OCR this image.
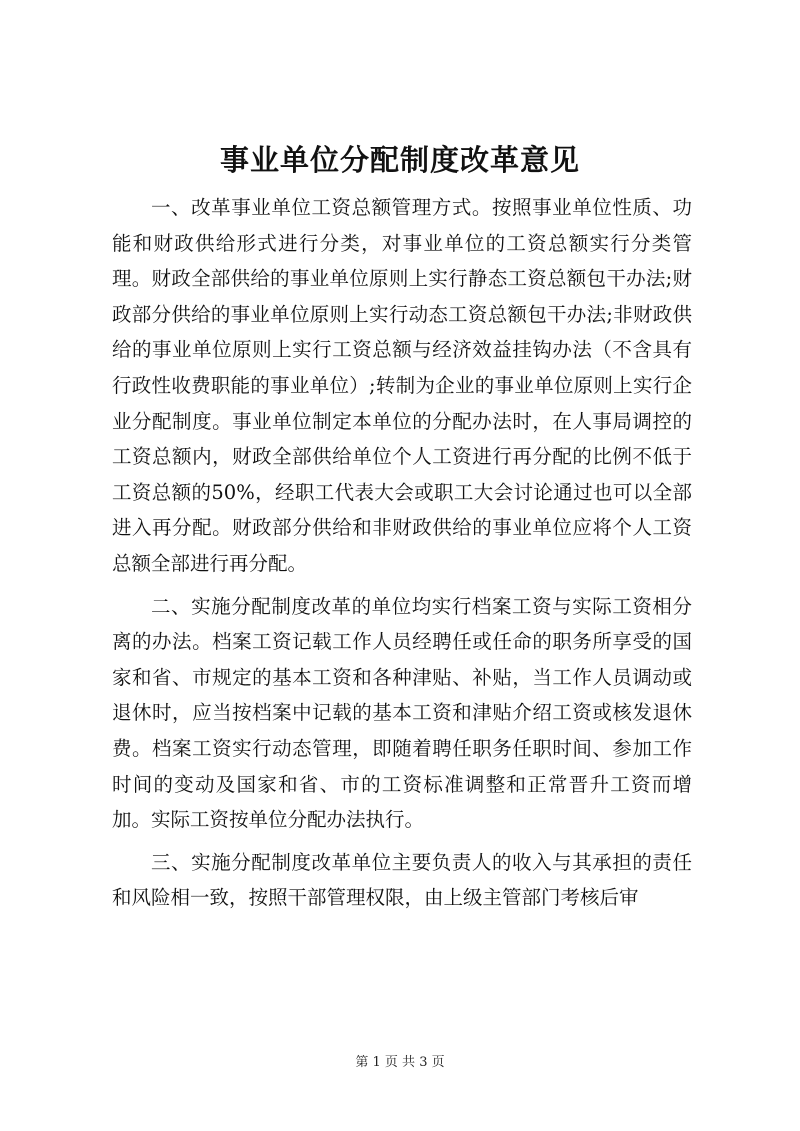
事业单位分配制度改革意见

一、改革事业单位工资总额管理方式。按照事业单位性质、功能和财政供给形式进行分类，对事业单位的工资总额实行分类管理。财政全部供给的事业单位原则上实行静态工资总额包干办法;财政部分供给的事业单位原则上实行动态工资总额包干办法;非财政供给的事业单位原则上实行工资总额与经济效益挂钩办法（不含具有行政性收费职能的事业单位）;转制为企业的事业单位原则上实行企业分配制度。事业单位制定本单位的分配办法时，在人事局调控的工资总额内，财政全部供给单位个人工资进行再分配的比例不低于工资总额的50%，经职工代表大会或职工大会讨论通过也可以全部进入再分配。财政部分供给和非财政供给的事业单位应将个人工资总额全部进行再分配。

二、实施分配制度改革的单位均实行档案工资与实际工资相分离的办法。档案工资记载工作人员经聘任或任命的职务所享受的国家和省、市规定的基本工资和各种津贴、补贴，当工作人员调动或退休时，应当按档案中记载的基本工资和津贴介绍工资或核发退休费。档案工资实行动态管理，即随着聘任职务任职时间、参加工作时间的变动及国家和省、市的工资标准调整和正常晋升工资而增加。实际工资按单位分配办法执行。

三、实施分配制度改革单位主要负责人的收入与其承担的责任和风险相一致，按照干部管理权限，由上级主管部门考核后审

第 1 页 共 3 页
